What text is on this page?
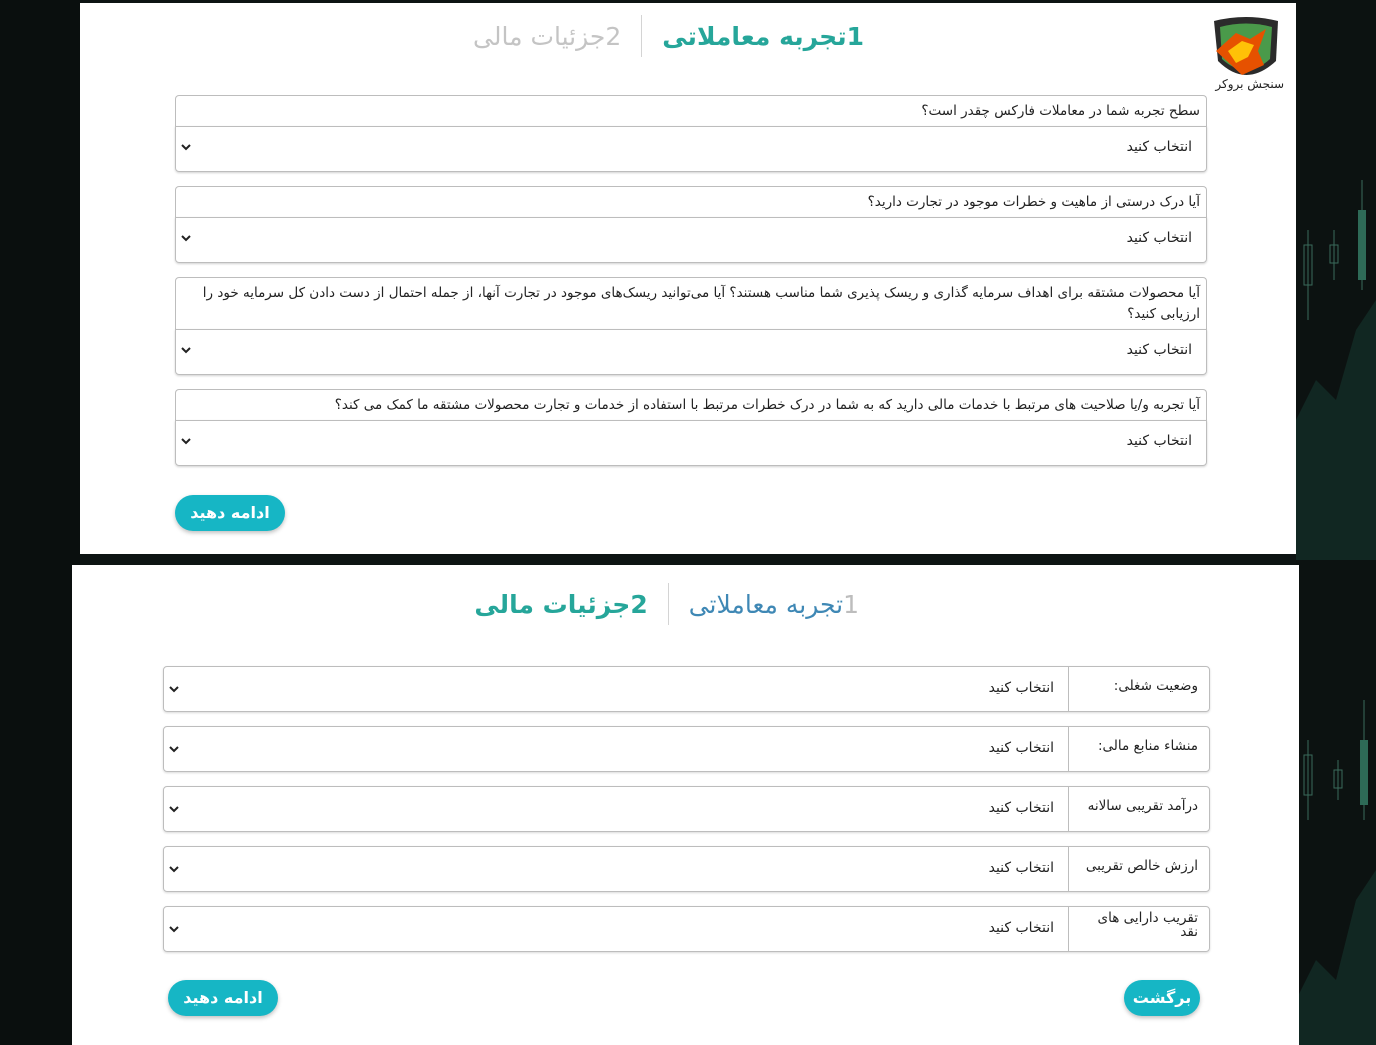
1تجربه معاملاتی
2جزئیات مالی
سنجش بروکر
سطح تجربه شما در معاملات فارکس چقدر است؟
انتخاب کنید
آیا درک درستی از ماهیت و خطرات موجود در تجارت دارید؟
انتخاب کنید
آیا محصولات مشتقه برای اهداف سرمایه گذاری و ریسک پذیری شما مناسب هستند؟ آیا می‌توانید ریسک‌های موجود در تجارت آنها، از جمله احتمال از دست دادن کل سرمایه خود را ارزیابی کنید؟
انتخاب کنید
آیا تجربه و/یا صلاحیت های مرتبط با خدمات مالی دارید که به شما در درک خطرات مرتبط با استفاده از خدمات و تجارت محصولات مشتقه ما کمک می کند؟
انتخاب کنید
ادامه دهید
1تجربه معاملاتی
2جزئیات مالی
وضعیت شغلی:
انتخاب کنید
منشاء منابع مالی:
انتخاب کنید
درآمد تقریبی سالانه
انتخاب کنید
ارزش خالص تقریبی
انتخاب کنید
تقریب دارایی های نقد
انتخاب کنید
ادامه دهید	برگشت
